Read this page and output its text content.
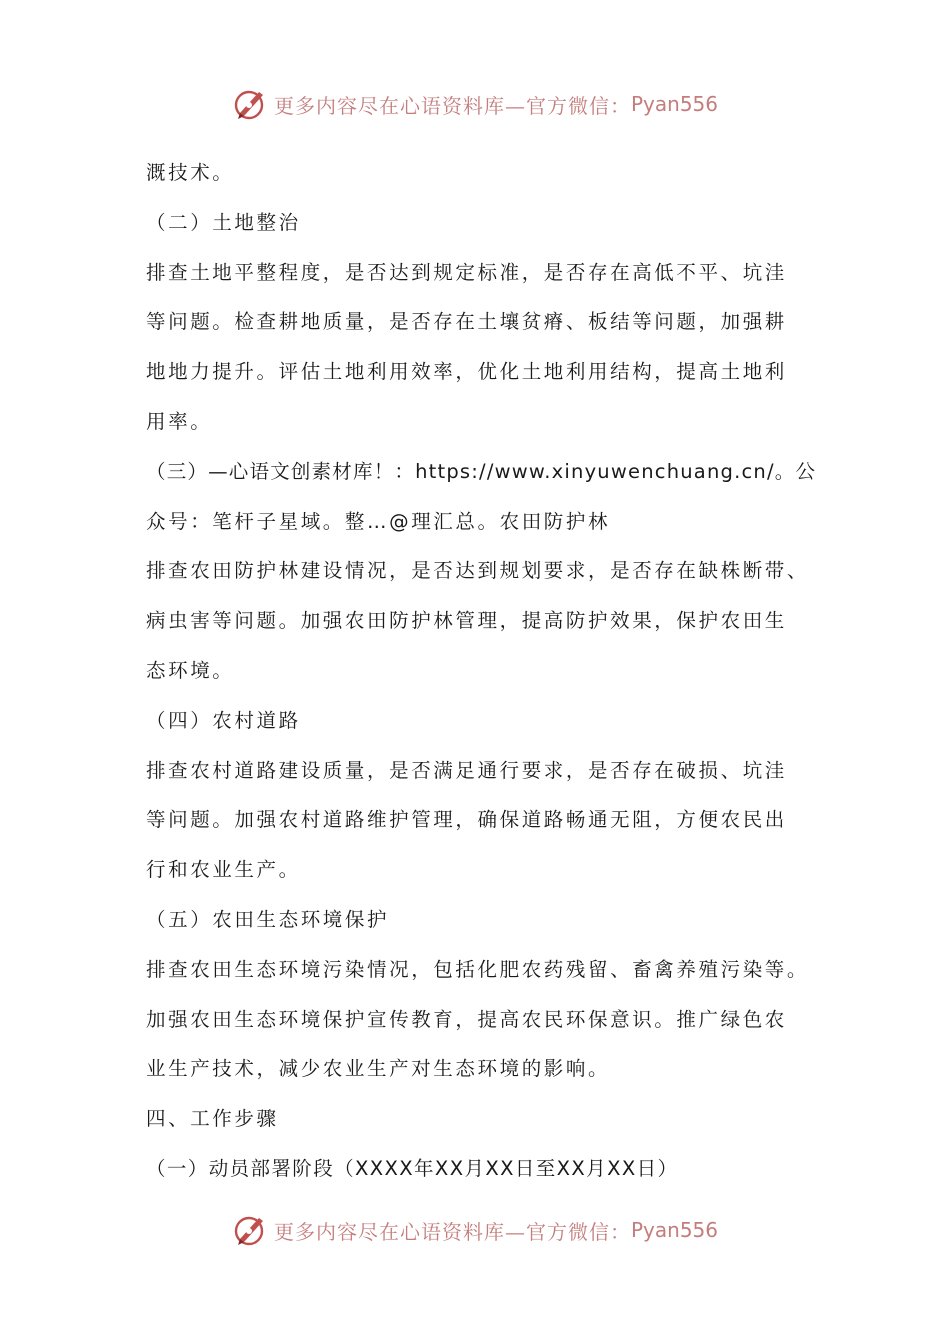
更多内容尽在心语资料库—官方微信： Pyan556
溉技术。
（二）土地整治
排查土地平整程度，是否达到规定标准，是否存在高低不平、坑洼
等问题。检查耕地质量，是否存在土壤贫瘠、板结等问题，加强耕
地地力提升。评估土地利用效率，优化土地利用结构，提高土地利
用率。
（三）—心语文创素材库！：https://www.xinyuwenchuang.cn/。公
众号：笔杆子星域。整…@理汇总。农田防护林
排查农田防护林建设情况，是否达到规划要求，是否存在缺株断带、
病虫害等问题。加强农田防护林管理，提高防护效果，保护农田生
态环境。
（四）农村道路
排查农村道路建设质量，是否满足通行要求，是否存在破损、坑洼
等问题。加强农村道路维护管理，确保道路畅通无阻，方便农民出
行和农业生产。
（五）农田生态环境保护
排查农田生态环境污染情况，包括化肥农药残留、畜禽养殖污染等。
加强农田生态环境保护宣传教育，提高农民环保意识。推广绿色农
业生产技术，减少农业生产对生态环境的影响。
四、工作步骤
（一）动员部署阶段（XXXX年XX月XX日至XX月XX日）
更多内容尽在心语资料库—官方微信： Pyan556
